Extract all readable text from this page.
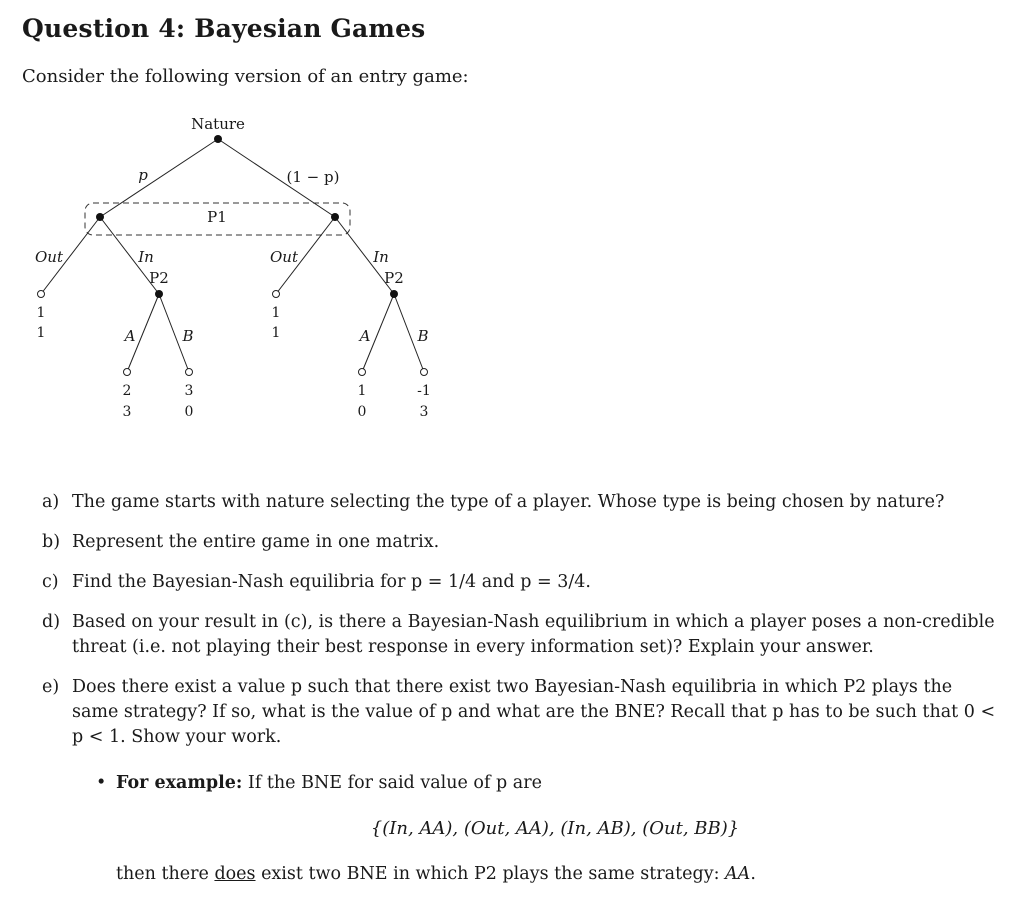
Question 4: Bayesian Games

Consider the following version of an entry game:

Nature
p	(1 − p)
P1
Out	In
1
1
P2
A	B
2
3
3
0
Out	In
1
1
P2
A	B
1
0
-1
3
a) The game starts with nature selecting the type of a player. Whose type is being chosen by nature?
b) Represent the entire game in one matrix.
c) Find the Bayesian-Nash equilibria for p = 1/4 and p = 3/4.
d) Based on your result in (c), is there a Bayesian-Nash equilibrium in which a player poses a non-credible threat (i.e. not playing their best response in every information set)? Explain your answer.
e) Does there exist a value p such that there exist two Bayesian-Nash equilibria in which P2 plays the same strategy? If so, what is the value of p and what are the BNE? Recall that p has to be such that 0 < p < 1. Show your work.
• For example: If the BNE for said value of p are
{(In, AA), (Out, AA), (In, AB), (Out, BB)}
then there does exist two BNE in which P2 plays the same strategy: AA.
